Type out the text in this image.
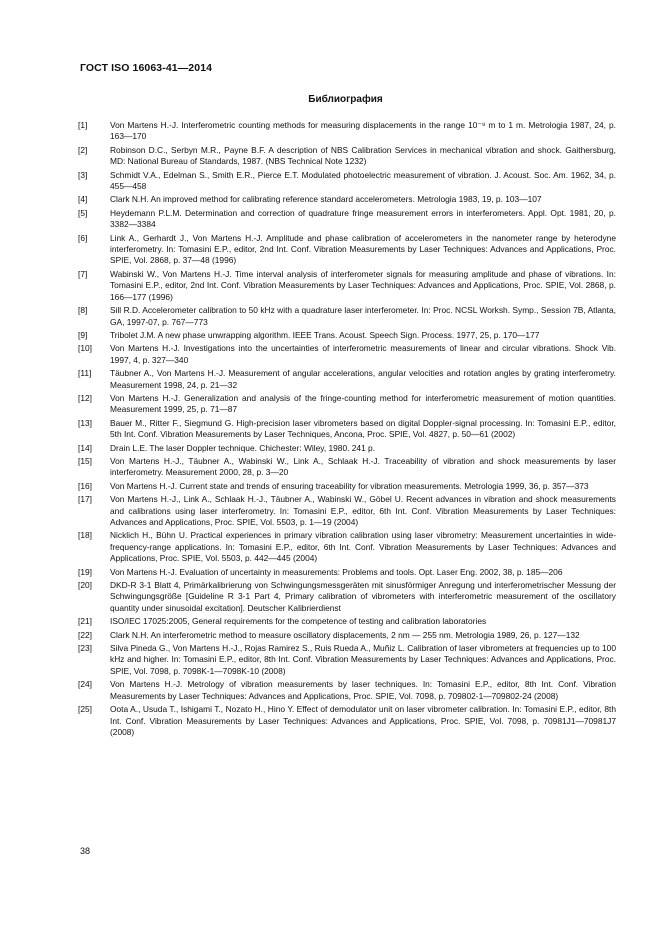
ГОСТ ISO 16063-41—2014
Библиография
[1]	Von Martens H.-J. Interferometric counting methods for measuring displacements in the range 10⁻⁹ m to 1 m. Metrologia 1987, 24, p. 163—170
[2]	Robinson D.C., Serbyn M.R., Payne B.F. A description of NBS Calibration Services in mechanical vibration and shock. Gaithersburg, MD: National Bureau of Standards, 1987. (NBS Technical Note 1232)
[3]	Schmidt V.A., Edelman S., Smith E.R., Pierce E.T. Modulated photoelectric measurement of vibration. J. Acoust. Soc. Am. 1962, 34, p. 455—458
[4]	Clark N.H. An improved method for calibrating reference standard accelerometers. Metrologia 1983, 19, p. 103—107
[5]	Heydemann P.L.M. Determination and correction of quadrature fringe measurement errors in interferometers. Appl. Opt. 1981, 20, p. 3382—3384
[6]	Link A., Gerhardt J., Von Martens H.-J. Amplitude and phase calibration of accelerometers in the nanometer range by heterodyne interferometry. In: Tomasini E.P., editor, 2nd Int. Conf. Vibration Measurements by Laser Techniques: Advances and Applications, Proc. SPIE, Vol. 2868, p. 37—48 (1996)
[7]	Wabinski W., Von Martens H.-J. Time interval analysis of interferometer signals for measuring amplitude and phase of vibrations. In: Tomasini E.P., editor, 2nd Int. Conf. Vibration Measurements by Laser Techniques: Advances and Applications, Proc. SPIE, Vol. 2868, p. 166—177 (1996)
[8]	Sill R.D. Accelerometer calibration to 50 kHz with a quadrature laser interferometer. In: Proc. NCSL Worksh. Symp., Session 7B, Atlanta, GA, 1997-07, p. 767—773
[9]	Tribolet J.M. A new phase unwrapping algorithm. IEEE Trans. Acoust. Speech Sign. Process. 1977, 25, p. 170—177
[10]	Von Martens H.-J. Investigations into the uncertainties of interferometric measurements of linear and circular vibrations. Shock Vib. 1997, 4, p. 327—340
[11]	Täubner A., Von Martens H.-J. Measurement of angular accelerations, angular velocities and rotation angles by grating interferometry. Measurement 1998, 24, p. 21—32
[12]	Von Martens H.-J. Generalization and analysis of the fringe-counting method for interferometric measurement of motion quantities. Measurement 1999, 25, p. 71—87
[13]	Bauer M., Ritter F., Siegmund G. High-precision laser vibrometers based on digital Doppler-signal processing. In: Tomasini E.P., editor, 5th Int. Conf. Vibration Measurements by Laser Techniques, Ancona, Proc. SPIE, Vol. 4827, p. 50—61 (2002)
[14]	Drain L.E. The laser Doppler technique. Chichester: Wiley, 1980. 241 p.
[15]	Von Martens H.-J., Täubner A., Wabinski W., Link A., Schlaak H.-J. Traceability of vibration and shock measurements by laser interferometry. Measurement 2000, 28, p. 3—20
[16]	Von Martens H.-J. Current state and trends of ensuring traceability for vibration measurements. Metrologia 1999, 36, p. 357—373
[17]	Von Martens H.-J., Link A., Schlaak H.-J., Täubner A., Wabinski W., Göbel U. Recent advances in vibration and shock measurements and calibrations using laser interferometry. In: Tomasini E.P., editor, 6th Int. Conf. Vibration Measurements by Laser Techniques: Advances and Applications, Proc. SPIE, Vol. 5503, p. 1—19 (2004)
[18]	Nicklich H., Bühn U. Practical experiences in primary vibration calibration using laser vibrometry: Measurement uncertainties in wide-frequency-range applications. In: Tomasini E.P., editor, 6th Int. Conf. Vibration Measurements by Laser Techniques: Advances and Applications, Proc. SPIE, Vol. 5503, p. 442—445 (2004)
[19]	Von Martens H.-J. Evaluation of uncertainty in measurements: Problems and tools. Opt. Laser Eng. 2002, 38, p. 185—206
[20]	DKD-R 3-1 Blatt 4, Primärkalibrierung von Schwingungsmessgeräten mit sinusförmiger Anregung und interferometrischer Messung der Schwingungsgröße [Guideline R 3-1 Part 4, Primary calibration of vibrometers with interferometric measurement of the oscillatory quantity under sinusoidal excitation]. Deutscher Kalibrierdienst
[21]	ISO/IEC 17025:2005, General requirements for the competence of testing and calibration laboratories
[22]	Clark N.H. An interferometric method to measure oscillatory displacements, 2 nm — 255 nm. Metrologia 1989, 26, p. 127—132
[23]	Silva Pineda G., Von Martens H.-J., Rojas Ramirez S., Ruis Rueda A., Muñiz L. Calibration of laser vibrometers at frequencies up to 100 kHz and higher. In: Tomasini E.P., editor, 8th Int. Conf. Vibration Measurements by Laser Techniques: Advances and Applications, Proc. SPIE, Vol. 7098, p. 7098K-1—7098K-10 (2008)
[24]	Von Martens H.-J. Metrology of vibration measurements by laser techniques. In: Tomasini E.P., editor, 8th Int. Conf. Vibration Measurements by Laser Techniques: Advances and Applications, Proc. SPIE, Vol. 7098, p. 709802-1—709802-24 (2008)
[25]	Oota A., Usuda T., Ishigami T., Nozato H., Hino Y. Effect of demodulator unit on laser vibrometer calibration. In: Tomasini E.P., editor, 8th Int. Conf. Vibration Measurements by Laser Techniques: Advances and Applications, Proc. SPIE, Vol. 7098, p. 70981J1—70981J7 (2008)
38
